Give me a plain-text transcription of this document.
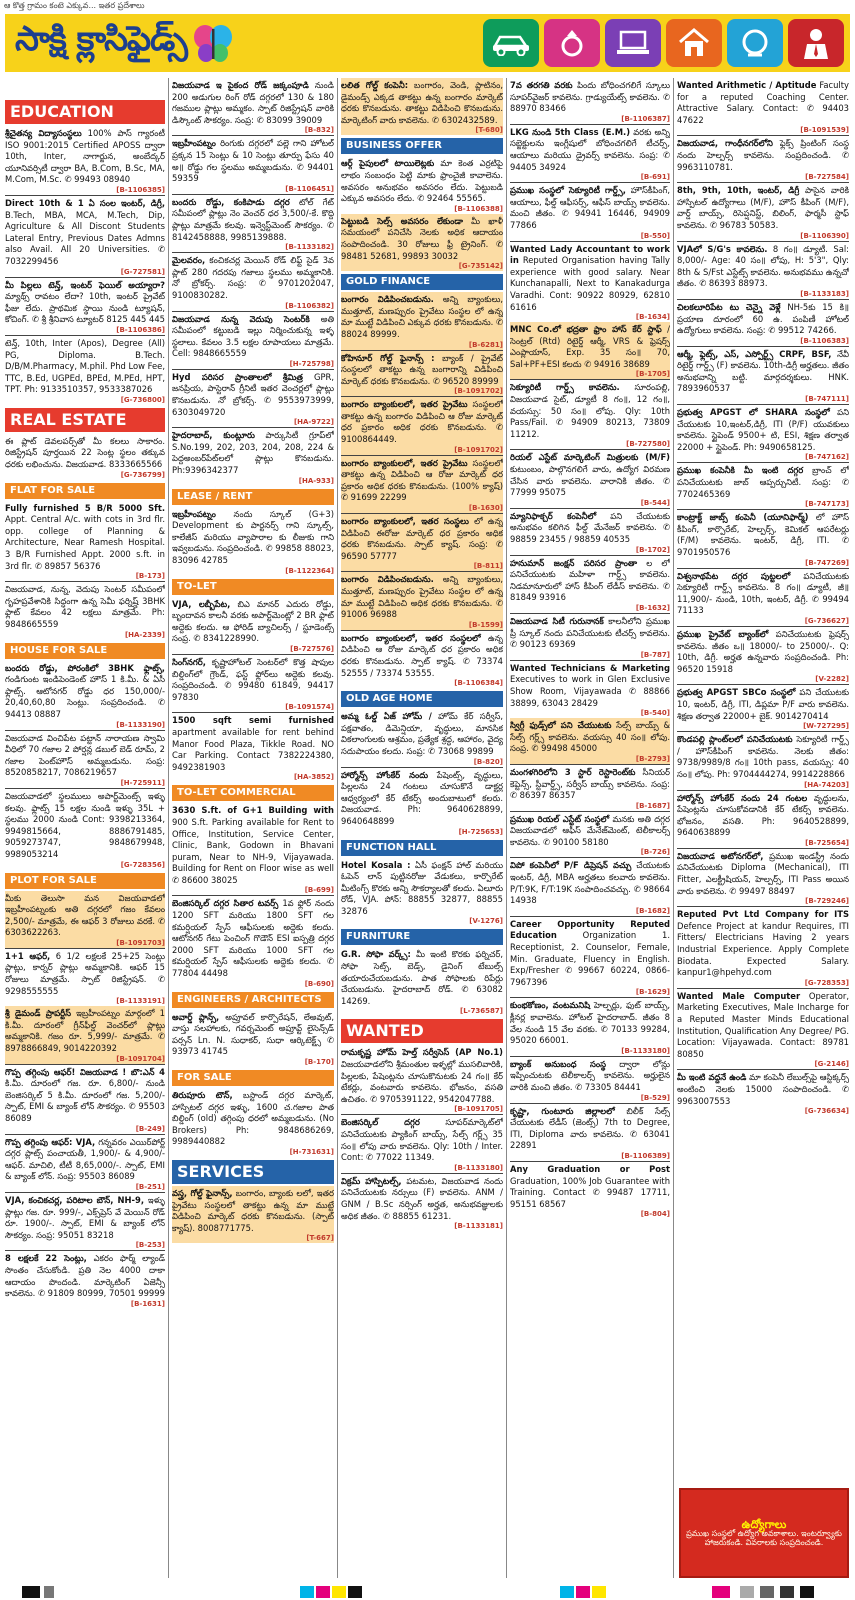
ఆ కొత్త గ్రామం కంటె ఎక్కువ... ఇతర ప్రదేశాలు
సాక్షి క్లాసిఫైడ్స్
EDUCATION
శ్రీచైతన్య విద్యాసంస్థలు 100% పాస్ గ్యారంటీ ISO 9001:2015 Certified APOSS ద్వారా 10th, Inter, నాగార్జున, అంబేద్కర్ యూనివర్సిటీ ద్వారా BA, B.Com, B.Sc, MA, M.Com, M.Sc. ✆ 99493 08940
[B-1106385]
Direct 10th & 1 ఏ సంల ఇంటర్, డిగ్రీ, B.Tech, MBA, MCA, M.Tech, Dip, Agriculture & All Discont Students Lateral Entry, Previous Dates Admns also Avail. All 20 Universities. ✆ 7032299456
[G-727581]
మీ పిల్లలు టెన్త్, ఇంటర్ ఫెయిల్ అయ్యారా? మ్యాథ్స్ రావటం లేదా? 10th, ఇంటర్ ప్రైవేట్ ఫీజు లేదు. ప్రాథమిక స్థాయి నుండి ట్యూషన్, కోచింగ్. ✆ శ్రీ శ్రీనివాస ట్యూటర్ 8125 445 445
[B-1106386]
టెన్త్, 10th, Inter (Apos), Degree (All) PG, Diploma. B.Tech. D/B/M.Pharmacy, M.phil. Phd Low Fee, TTC, B.Ed, UGPEd, BPEd, M.PEd, HPT, TPT. Ph: 9133510357, 9533387026
[G-736800]
REAL ESTATE
ఈ ప్లాట్ డెవలపర్స్‌తో మీ కలలు సాకారం. రిజిస్ట్రేషన్ పూర్తయిన 22 సెంట్ల స్థలం తక్కువ ధరకు లభించును. విజయవాడ. 8333665566
[G-736799]
FLAT FOR SALE
Fully furnished 5 B/R 5000 Sft. Appt. Central A/c. with cots in 3rd flr. opp. college of Planning & Architecture, Near Ramesh Hospital. 3 B/R Furnished Appt. 2000 s.ft. in 3rd flr. ✆ 89857 56376
[B-173]
విజయవాడ, నున్న, వెదుపు సెంటర్ సమీపంలో గృహప్రవేశానికి సిద్ధంగా ఉన్న సెమీ ఫర్నిష్డ్ 3BHK ఫ్లాట్ కేవలం 42 లక్షలు మాత్రమే. Ph: 9848665559
[HA-2339]
HOUSE FOR SALE
బందరు రోడ్డు, పోరంకిలో 3BHK ఫ్లాట్స్, గండిగుంట ఇండిపెండెంట్ హౌస్ 1 కి.మీ. & ఏసీ ఫ్లాట్స్. ఆటోనగర్ రోడ్డు ధర 150,000/- 20,40,60,80 సెంట్లు. సంప్రదించండి. ✆ 94413 08887
[B-1133190]
విజయవాడ వించిపేట పట్టాన్ నారాయణ స్వామి వీధిలో 70 గజాల 2 పోర్షన్ల డబుల్ బెడ్ రూమ్, 2 గజాల పెంట్‌హౌస్ అమ్మబడును. సంప్ర: 8520858217, 7086219657
[H-725911]
విజయవాడలో స్థలములు అపార్ట్‌మెంట్స్ ఇళ్ళు కలవు. ఫ్లాట్స్ 15 లక్షల నుండి ఇళ్ళు 35L + స్థలము 2000 నుండి Cont: 9398213364, 9949815664, 8886791485, 9059273747, 9848679948, 9989053214
[G-728356]
PLOT FOR SALE
మీకు తెలుసా మన విజయవాడలో ఇబ్రహీంపట్నంకు అతి దగ్గరలో గజం కేవలం 2,500/- మాత్రమే, ఈ ఆఫర్ 3 రోజులు వరకే. ✆ 6303622263.
[B-1091703]
1+1 ఆఫర్, 6 1/2 లక్షలకే 25+25 సెంట్లు ప్లాట్లు, కార్నర్ ప్లాట్లు అమ్మకానికి. ఆఫర్ 15 రోజులు మాత్రమే. స్పాట్ రిజిస్ట్రేషన్. ✆ 9298555555
[B-1133191]
శ్రీ డైమండ్ ప్రాపర్టీస్ ఇబ్రహీంపట్నం మార్గంలో 1 కి.మీ. దూరంలో గ్రీన్‌ఫీల్డ్ వెంచర్‌లో ప్లాట్లు అమ్మకానికి. గజం రూ. 5,999/- మాత్రమే. ✆ 8978866849, 9014220392
[B-1091704]
గొప్ప తగ్గింపు ఆఫర్! విజయవాడ ! బొ:ఎన్ 4 కి.మీ. దూరంలో గజ. రూ. 6,800/- నుండి బెంజిసర్కిల్ 5 కి.మీ. దూరంలో గజ. 5,200/- స్పాట్, EMI & బ్యాంక్ లోన్ సౌకర్యం. ✆ 95503 86089
[B-249]
గొప్ప తగ్గింపు ఆఫర్: VJA, గన్నవరం ఎయిర్‌పోర్ట్ దగ్గర ప్లాట్స్ పంచాయతీ, 1,900/- & 4,900/- ఆఫర్. మాచిలి, టీటీ 8,65,000/-. స్పాట్, EMI & బ్యాంక్ లోన్. సంప్ర: 95503 86089
[B-251]
VJA, కంచికచర్ల, పరిటాల బౌన్, NH-9, ఇళ్ళు ప్లాట్లు గజ. రూ. 999/-, ఎక్స్‌ప్రెస్ వే మెయిన్ రోడ్ రూ. 1900/-. స్పాట్, EMI & బ్యాంక్ లోన్ సౌకర్యం. సంప్ర: 95051 83218
[B-253]
8 లక్షలకే 22 సెంట్లు, ఎకరం ఫార్మ్ ల్యాండ్ సొంతం చేసుకోండి. ప్రతి నెల 4000 దాకా ఆదాయం పొందండి. మార్కెటింగ్ ఏజెన్సీ కావలెను. ✆ 91809 80999, 70501 99999
[B-1631]
విజయవాడ ఇ పైకంద రోడ్ జక్కంపూడి నుండి 200 అడుగుల రింగ్ రోడ్ దగ్గరలో 130 & 180 గజముల ప్లాట్లు అమ్మకం. స్పాట్ రిజిస్ట్రేషన్ వారికి డిస్కౌంట్ సౌకర్యం. సంప్ర: ✆ 83099 39009
[B-832]
ఇబ్రహీంపట్నం రింగుకు దగ్గరలో పల్లె గాని హోటల్ ప్రక్కన 15 సెంట్లు & 10 సెంట్లు తూర్పు ఫేసు 40 అ॥ రోడ్డు గల స్థలము అమ్మబడును. ✆ 94401 59359
[B-1106451]
బందరు రోడ్డు, కంకిపాడు దగ్గర టోల్ గేట్ సమీపంలో ప్లాట్లు నెం వెంచర్ ధర 3,500/-కే. కొద్ది ప్లాట్లు మాత్రమే కలవు. ఇన్వెస్ట్‌మెంట్ సౌకర్యం. ✆ 8142458888, 9985139888.
[B-1133182]
మైలవరం, కంచికచర్ల మెయిన్ రోడ్ లిఫ్ట్ సైడ్ 3వ ప్లాట్ 280 గదరపు గజాలు స్థలము అమ్మకానికి. నో బ్రోకర్స్. సంప్ర: ✆ 9701202047, 9100830282.
[B-1106382]
విజయవాడ నున్న వెదుపు సెంటర్‌కి అతి సమీపంలో కట్టుబడి ఇల్లు నిర్మించుకున్న ఇళ్ళ స్థలాలు. కేవలం 3.5 లక్షల రూపాయలు మాత్రమే. Cell: 9848665559
[H-725798]
Hyd పరిసర ప్రాంతాలలో శ్రీమిత్ర GPR, జనప్రియ, పాస్టెరాన్ గ్రీనిటీ ఇతర వెంచర్లలో ప్లాట్లు కొనబడును. నో బ్రోకర్స్. ✆ 9553973999, 6303049720
[HA-9722]
హైదరాబాద్, కుంట్లూరు పార్కుసిటీ గ్రూప్‌లో S.No.199, 202, 203, 204, 208, 224 & పెద్దఅంబర్‌పేట్‌లలో ప్లాట్లు కొనబడును. Ph:9396342377
[HA-933]
LEASE / RENT
ఇబ్రహీంపట్నం నందు స్కూల్ (G+3) Development కు పార్టనర్స్ గాని స్కూల్స్, కాలేజీస్ మరియు వ్యాపారాల కు లీజుకు గాని ఇవ్వబడును. సంప్రదించండి. ✆ 99858 88023, 83096 42785
[B-1122364]
TO-LET
VJA, లబ్బీపేట, బిఎ మానర్ ఎదురు రోడ్డు, బృందావన కాలనీ వరకు అపార్ట్‌మెంట్లో 2 BR ఫ్లాట్ అద్దెకు కలదు. ఆ ఫోరిడ్ బ్యాచిలర్స్ / స్టూడెంట్స్ సంప్ర. ✆ 8341228990.
[B-727576]
సింగ్‌నగర్, కృష్ణాహోటల్ సెంటర్‌లో కొత్త షాపుల బిల్డింగ్‌లో గ్రౌండ్, ఫస్ట్ ఫ్లోర్‌లు అద్దెకు కలవు. సంప్రదించండి. ✆ 99480 61849, 94417 97830
[B-1091574]
1500 sqft semi furnished apartment available for rent behind Manor Food Plaza, Tikkle Road. NO Car Parking. Contact 7382224380, 9492381903
[HA-3852]
TO-LET COMMERCIAL
3630 S.ft. of G+1 Building with 900 S.ft. Parking available for Rent to Office, Institution, Service Center, Clinic, Bank, Godown in Bhavani puram, Near to NH-9, Vijayawada. Building for Rent on Floor wise as well ✆ 86600 38025
[B-699]
బెంజిసర్కిల్ దగ్గర సితార టవర్స్ 1వ ఫ్లోర్ నందు 1200 SFT మరియు 1800 SFT గల కమర్షియల్ స్పేస్ ఆఫీసులకు అద్దెకు కలదు. ఆటోనగర్ గేటు పెంచింగ్ గొడౌన్ ESI ఐస్పత్రి దగ్గర 2000 SFT మరియు 1000 SFT గల కమర్షియల్ స్పేస్ ఆఫీసులకు అద్దెకు కలదు. ✆ 77804 44498
[B-690]
ENGINEERS / ARCHITECTS
అవార్డ్ ప్లాన్స్, అప్రూవల్ కార్పొరేషన్, లేఅవుట్, వాస్తు సలహాలకు, గవర్నమెంట్ అప్రూవ్ట్ లైసెన్స్‌డ్ పర్సన్ Ln. N. సుధాకర్, సుధా ఆర్కిటెక్ట్స్ ✆ 93973 41745
[B-170]
FOR SALE
తిరుపూరు టౌన్, బస్టాండ్ దగ్గర మార్కెట్, హాస్పిటల్ దగ్గర ఇళ్ళు, 1600 చ.గజాల పాత బిల్డింగ్ (old) తగ్గింపు ధరలో అమ్మబడును. (No Brokers) Ph: 9848686269, 9989440882
[H-731631]
SERVICES
వస్త్ర, గోల్డ్ ఫైనాన్స్, బంగారం, బ్యాంకు లలో, ఇతర ప్రైవేటు సంస్థలలో తాకట్టు ఉన్న మా ముట్టే విడిపించి మార్కెట్ ధరకు కొనబడును. (స్పాట్ క్యాష్). 8008771775.
[T-667]
లలిత గోల్డ్ కంపెనీ: బంగారం, వెండి, ప్లాటినం, డైమండ్స్ ఎక్కడ తాకట్టు ఉన్న బంగారం మార్కెట్ ధరకు కొనబడును. తాకట్టు విడిపించి కొనబడును. మార్కెటింగ్ వారు కావలెను. ✆ 6302432589.
[T-680]
BUSINESS OFFER
ఆర్గ్ పైపులలో టాయిలెట్లకు మా కెంత ఎర్రటిపై లాభం సంబంధం పెట్టి మాకు ఫ్రాంచైజీ కావాలెను. అవసరం అనుభవం అవసరం లేదు. పెట్టుబడి ఎక్కువ అవసరం లేదు. ✆ 92464 55565.
[B-1106388]
పెట్టుబడి సెల్స్ అవసరం లేకుండా మీ ఖాళీ సమయంలో పనిచేసి నెలకు అధిక ఆదాయం సంపాదించండి. 30 రోజులు ఫ్రీ ట్రైనింగ్. ✆ 98481 52681, 99893 30032
[G-735142]
GOLD FINANCE
బంగారం విడిపించబడును. అన్ని బ్యాంకులు, ముత్తూట్, మణప్పురం ప్రైవేటు సంస్థల లో ఉన్న మా ముట్టే విడిపించి ఎక్కువ ధరకు కొనబడును. ✆ 88024 89999.
[B-6281]
కోహినూర్ గోల్డ్ ఫైనాన్స్ : బ్యాంక్ / ప్రైవేట్ సంస్థలలో తాకట్టు ఉన్న బంగారాన్ని విడిపించి మార్కెట్ ధరకు కొనబడును. ✆ 96520 89999
[B-1091702]
బంగారం బ్యాంకులలో, ఇతర ప్రైవేటు సంస్థలలో తాకట్టు ఉన్న బంగారం విడిపించి ఆ రోజు మార్కెట్ ధర ప్రకారం అధిక ధరకు కొనబడును. ✆ 9100864449.
[B-1091702]
బంగారం బ్యాంకులలో, ఇతర ప్రైవేటు సంస్థలలో తాకట్టు ఉన్న విడిపించి ఆ రోజు మార్కెట్ ధర ప్రకారం అధిక ధరకు కొనబడును. (100% క్యాష్) ✆ 91699 22299
[B-1630]
బంగారం బ్యాంకులలో, ఇతర సంస్థలు లో ఉన్న విడిపించి ఈరోజు మార్కెట్ ధర ప్రకారం అధిక ధరకు కొనబడును. స్పాట్ క్యాష్. సంప్ర: ✆ 96590 57777
[B-811]
బంగారం విడిపించబడును. అన్ని బ్యాంకులు, ముత్తూట్, మణప్పురం ప్రైవేటు సంస్థల లో ఉన్న మా ముట్టే విడిపించి అధిక ధరకు కొనబడును. ✆ 91006 96988
[B-1599]
బంగారం బ్యాంకులలో, ఇతర సంస్థలలో ఉన్న విడిపించి ఆ రోజు మార్కెట్ ధర ప్రకారం అధిక ధరకు కొనబడును. స్పాట్ క్యాష్. ✆ 73374 52555 / 73374 53555.
[B-1106384]
OLD AGE HOME
అమ్మ ఓల్డ్ ఏజ్ హోమ్ / హోమ్ కేర్ సర్వీస్, పక్షవాతం, డిమెన్షియా, వృద్ధులు, మానసిక వికలాంగులకు ఆశ్రమం, ప్రత్యేక శ్రద్ధ, ఆహారం, వైద్య సదుపాయం కలదు. సంప్ర: ✆ 73068 99899
[B-820]
హార్మోన్స్ హోంకేర్ నందు పేషెంట్స్, వృద్ధులు, పిల్లలను 24 గంటలు చూసుకొనే డాక్టర్ల ఆధ్వర్యంలో కేర్ టేకర్స్ అందుబాటులో కలరు. విజయవాడ. Ph: 9640628899, 9640648899
[H-725653]
FUNCTION HALL
Hotel Kosala : ఏసీ ఫంక్షన్ హాల్ మరియు ఓపెన్ లాన్ పుట్టినరోజు వేడుకలు, కార్పొరేట్ మీటింగ్స్ కొరకు అన్ని సౌకర్యాలతో కలదు. ఏలూరు రోడ్, VJA. పోన్: 88855 32877, 88855 32876
[V-1276]
FURNITURE
G.R. సోఫా వర్క్స్: మీ ఇంటి కొరకు ఫర్నిచర్, సోఫా సెట్స్, బెడ్స్, డైనింగ్ టేబుల్స్ తయారుచేయబడును. పాత సోఫాలకు రిపేర్లు చేయబడును. హైదరాబాద్ రోడ్. ✆ 63082 14269.
[L-736587]
WANTED
రామకృష్ణ హోమ్ హెల్త్ సర్వీసెస్ (AP No.1) విజయవాడలోని శ్రీమంతుల ఇళ్ళల్లో ముసలివారికి, పిల్లలకు, పేషెంట్లను చూసుకొనుటకు 24 గం॥ కేర్ టేకర్లు, వంటవారు కావలెను. భోజనం, వసతి ఉచితం. ✆ 9705391122, 9542047788.
[B-1091705]
బెంజిసర్కిల్ దగ్గర	సూపర్‌మార్కెట్‌లో పనిచేయుటకు ప్యాకింగ్ బాయ్స్, సేల్స్ గర్ల్స్ 35 సం॥ లోపు వారు కావలెను. Qly: 10th / Inter. Cont: ✆ 77022 11349.
[B-1133180]
విక్రమ్ హాస్పిటల్స్, పటమట, విజయవాడ నందు పనిచేయుటకు నర్సులు (F) కావలెను. ANM / GNM / B.Sc నర్సింగ్ అర్హత, అనుభవజ్ఞులకు అధిక జీతం. ✆ 88855 61231.
[B-1133181]
7వ తరగతి వరకు పిందు బోధించగలిగే స్కూలు సూపర్‌వైజర్ కావలెను. గ్రాడ్యుయేట్స్ కావలెను. ✆ 88970 83466
[B-1106387]
LKG నుండి 5th Class (E.M.) వరకు అన్ని సబ్జెక్టులను ఇంగ్లీషులో బోధించగలిగే టీచర్స్, ఆయాలు మరియు డ్రైవర్స్ కావలెను. సంప్ర: ✆ 94405 34924
[B-691]
ప్రముఖ సంస్థలో సెక్యూరిటీ గార్డ్స్, హౌస్‌కీపింగ్, ఆయాలు, ఫీల్డ్ ఆఫీసర్స్, ఆఫీస్ బాయ్స్ కావలెను. మంచి జీతం. ✆ 94941 16446, 94909 77866
[B-550]
Wanted Lady Accountant to work in Reputed Organisation having Tally experience with good salary. Near Kunchanapalli, Next to Kanakadurga Varadhi. Cont: 90922 80929, 62810 61616
[B-1634]
MNC Co.లో భద్రతా ఫ్రాం హాస్ కేర్ స్టాఫ్ / సెంట్రల్ (Rtd) రిటైర్డ్ ఆర్మీ, VRS & ఫ్రెషర్స్ ఎంప్లాయాస్, Exp. 35 సం॥ 70, Sal+PF+ESI కలదు ✆ 94916 38689
[B-1705]
సెక్యూరిటీ గార్డ్స్ కావలెను. సూరంపల్లి, విజయవాడ సైట్, డ్యూటీ 8 గం॥, 12 గం॥, వయస్సు: 50 సం॥ లోపు. Qly: 10th Pass/Fail. ✆ 94909 80213, 73809 11212.
[B-727580]
రియల్ ఎస్టేట్ మార్కెటింగ్ మిత్రులకు (M/F) కుటుంబం, పాల్గొనగలిగే వారు, ఉద్యోగ విరమణ చేసిన వారు కావలెను. వారానికి జీతం. ✆ 77999 95075
[B-544]
మ్యానిఫాక్చర్ కంపెనీలో పని చేయుటకు అనుభవం కలిగిన ఫీల్డ్ మేనేజర్ కావలెను. ✆ 98859 23455 / 98859 40535
[B-1702]
హనుమాన్ జంక్షన్ పరిసర ప్రాంతా ల లో పనిచేయుటకు మహిళా గార్డ్స్ కావలెను. నిడమానూరులో హాస్ కీపింగ్ లేడీస్ కావలెను. ✆ 81849 93916
[B-1632]
విజయవాడ సిటీ గురునానక్ కాలనీలోని ప్రముఖ ప్రీ స్కూల్ నందు పనిచేయుటకు టీచర్స్ కావలెను. ✆ 90123 69369
[B-787]
Wanted Technicians & Marketing Executives to work in Glen Exclusive Show Room, Vijayawada ✆ 88866 38899, 63043 28429
[B-540]
స్విగ్గీ ఫుడ్స్‌లో పని చేయుటకు సేల్స్ బాయ్స్ & సేల్స్ గర్ల్స్ కావలెను. వయస్సు 40 సం॥ లోపు. సంప్ర. ✆ 99498 45000
[B-2793]
మంగళగిరిలోని 3 స్టార్ రెస్టారెంట్‌కు సీనియర్ కెప్టెన్స్, స్టీవార్డ్స్, సర్వీస్ బాయ్స్ కావలెను. సంప్ర: ✆ 86397 86357
[B-1687]
ప్రముఖ రియల్ ఎస్టేట్ సంస్థలో మనకు అతి దగ్గర విజయవాడలో ఆఫీస్ మేనేజ్‌మెంట్, టెలీకాలర్స్ కావలెను. ✆ 90100 58180
[B-726]
విపో కంపెనీలో P/F డిప్రెషన్ వచ్చు చేయుటకు ఇంటర్, డిగ్రీ, MBA అర్హతలు కలవారు కావలెను. P/T:9K, F/T:19K సంపాదించవచ్చు. ✆ 98664 14938
[B-1682]
Career Opportunity Reputed Education	Organization 1. Receptionist, 2. Counselor, Female, Min. Graduate, Fluency in English. Exp/Fresher ✆ 99667 60224, 0866-7967396
[B-1629]
కుంభకోణం, వంటమనిషి హెల్పర్లు, ఫుట్ బాయ్స్, క్లీనర్ల కావాలెను. హోటల్ హైదరాబాద్. జీతం 8 వేల నుండి 15 వేల వరకు. ✆ 70133 99284, 95020 66001.
[B-1133180]
బ్యాంక్ అనుబంధ సంస్థ ద్వారా లోన్లు ఇప్పించుటకు టెలీకాలర్స్ కావలెను. అర్హులైన వారికి మంచి జీతం. ✆ 73305 84441
[B-529]
కృష్ణా, గుంటూరు జిల్లాలలో బిలీక్ సేల్స్ చేయుటకు లేడీస్ (జెంట్స్) 7th to Degree, ITI, Diploma వారు కావలెను. ✆ 63041 22891
[B-1106389]
Any Graduation or Post Graduation, 100% Job Guarantee with Training. Contact ✆ 99487 17711, 95151 68567
[B-804]
Wanted Arithmetic / Aptitude Faculty for a reputed Coaching Center. Attractive Salary. Contact: ✆ 94403 47622
[B-1091539]
విజయవాడ, గాంధీనగర్‌లోని ఫ్లెక్స్ ప్రింటింగ్ సంస్థ నందు హెల్పర్స్ కావలెను. సంప్రదించండి. ✆ 9963110781.
[B-727584]
8th, 9th, 10th, ఇంటర్, డిగ్రీ పాసైన వారికి హాస్పిటల్ ఉద్యోగాలు (M/F), హౌస్ కీపింగ్ (M/F), వార్డ్ బాయ్స్, రిసెప్షనిస్ట్, బిలింగ్, ఫార్మసీ స్టాఫ్ కావలెను. ✆ 96783 50583.
[B-1106390]
VJAలో S/G's కావలెను. 8 గం॥ డ్యూటీ. Sal: 8,000/- Age: 40 సం॥ లోపు, H: 5'3", Qly: 8th & S/Fst ఎస్టేట్స్ కావలెను. అనుభవము ఉన్నచో జీతం. ✆ 86393 88973.
[B-1133183]
చిలకలూరిపేట టు చెన్నై వెళ్లే NH-5కు 15 కి॥ ప్రయాణ దూరంలో 60 ఉ. పంపిణీ హోటల్ ఉద్యోగులు కావలెను. సంప్ర: ✆ 99512 74266.
[B-1106383]
ఆర్మీ, ఫ్లెట్స్, ఎస్, ఎస్పోర్ట్స్ CRPF, BSF, నేవీ రిటైర్డ్ గార్డ్స్ (F) కావలెను. 10th-డిగ్రీ అర్హతలు. జీతం అనుభవాన్ని బట్టి. మార్గదర్శకులు. HNK. 7893960537
[B-747111]
ప్రభుత్వ APGST లో SHARA సంస్థలో పని చేయుటకు 10,ఇంటర్,డిగ్రీ, ITI (P/F) యువకులు కావలెను. స్టైపెండ్ 9500+ టి, ESI, శిక్షణ తర్వాత 22000 + స్టైపెండ్. Ph: 9490658125.
[B-747162]
ప్రముఖ కంపెనీకి మీ ఇంటి దగ్గర బ్రాంచ్ లో పనిచేయుటకు జాబ్ ఆప్పర్చునిటీ. సంప్ర: ✆ 7702465369
[B-747173]
కాంట్రాక్ట్ జాబ్స్ కంపెనీ (యూనిఫార్మ్) లో హౌస్ కీపింగ్, కార్పొరేట్, హెల్పర్స్, కెమికల్ ఆపరేటర్లు (F/M) కావలెను. ఇంటర్, డిగ్రీ, ITI. ✆ 9701950576
[B-747269]
విశ్వనాథపేట దగ్గర పుట్టలలో పనిచేయుటకు సెక్యూరిటీ గార్డ్స్ కావలెను. 8 గం॥ డ్యూటీ, జీ॥ 11,900/- నుండి, 10th, ఇంటర్, డిగ్రీ. ✆ 99494 71133
[G-736627]
ప్రముఖ ప్రైవేట్ బ్యాంక్‌లో పనిచేయుటకు ఫ్రెషర్స్ కావలెను. జీతం ఒ॥ 18000/- to 25000/-. Q: 10th, డిగ్రీ. అర్హత ఉన్నవారు సంప్రదించండి. Ph: 96520 15918
[V-2282]
ప్రభుత్వ APGST SBCo సంస్థలో పని చేయుటకు 10, ఇంటర్, డిగ్రీ, ITI, డిప్లమా P/F వారు కావలెను. శిక్షణ తర్వాత 22000+ బైక్. 9014270414
[W-727295]
కొండపల్లి ప్లాంట్‌లలో పనిచేయుటకు సెక్యూరిటీ గార్డ్స్ / హౌస్‌కీపింగ్ కావలెను. నెలకు జీతం: 9738/9989/8 గం॥ 10th pass, వయస్సు: 40 సం॥ లోపు. Ph: 9704444274, 9914228866
[HA-74203]
హార్మోన్స్ హోంకేర్ నందు 24 గంటల వృద్ధులను, పేషెంట్లను చూసుకోవడానికి కేర్ టేకర్స్ కావలెను. భోజనం, వసతి. Ph: 9640528899, 9640638899
[B-725654]
విజయవాడ అటోనగర్‌లో, ప్రముఖ ఇండస్ట్రీ నందు పనిచేయుటకు Diploma (Mechanical), ITI Fitter, ఎలక్ట్రీషియన్, హెల్పర్స్, ITI Pass అయిన వారు కావలెను. ✆ 99497 88497
[B-729246]
Reputed Pvt Ltd Company for ITS Defence Project at kandur Requires, ITI Fitters/ Electricians Having 2 years Industrial Experience. Apply Complete Biodata. Expected Salary. kanpur1@hpehyd.com
[G-728353]
Wanted Male Computer Operator, Marketing Executives, Male Incharge for a Reputed Master Minds Educational Institution, Qualification Any Degree/ PG. Location: Vijayawada. Contact: 89781 80850
[G-2146]
మీ ఇంటి వద్దనే ఉండి మా కంపెనీ లేబుల్స్‌పై ఆస్టిక్కర్స్ అంటించి నెలకు 15000 సంపాదించండి. ✆ 9963007553
[G-736634]
ఉద్యోగాలు
ప్రముఖ సంస్థలో ఉద్యోగ అవకాశాలు. ఇంటర్వ్యూకు హాజరుకండి. వివరాలకు సంప్రదించండి.
